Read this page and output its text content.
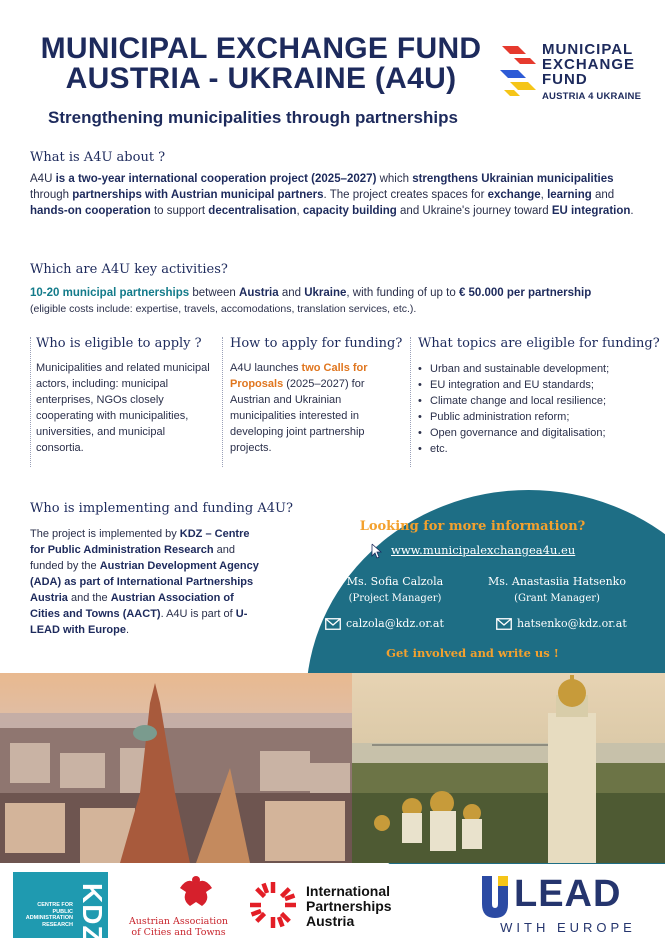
MUNICIPAL EXCHANGE FUND
AUSTRIA - UKRAINE (A4U)
MUNICIPAL
EXCHANGE
FUND
AUSTRIA 4 UKRAINE
Strengthening municipalities through partnerships
What is A4U about ?
A4U is a two-year international cooperation project (2025–2027) which strengthens Ukrainian municipalities through partnerships with Austrian municipal partners. The project creates spaces for exchange, learning and hands-on cooperation to support decentralisation, capacity building and Ukraine's journey toward EU integration.
Which are A4U key activities?
10-20 municipal partnerships between Austria and Ukraine, with funding of up to € 50.000 per partnership
(eligible costs include: expertise, travels, accomodations, translation services, etc.).
Who is eligible to apply ?
Municipalities and related municipal actors, including: municipal enterprises, NGOs closely cooperating with municipalities, universities, and municipal consortia.
How to apply for funding?
A4U launches two Calls for Proposals (2025–2027) for Austrian and Ukrainian municipalities interested in developing joint partnership projects.
What topics are eligible for funding?
• Urban and sustainable development;
• EU integration and EU standards;
• Climate change and local resilience;
• Public administration reform;
• Open governance and digitalisation;
• etc.
Who is implementing and funding A4U?
The project is implemented by KDZ – Centre for Public Administration Research and funded by the Austrian Development Agency (ADA) as part of International Partnerships Austria and the Austrian Association of Cities and Towns (AACT). A4U is part of U-LEAD with Europe.
Looking for more information?
www.municipalexchangea4u.eu
Ms. Sofia Calzola
(Project Manager)
calzola@kdz.or.at
Ms. Anastasiia Hatsenko
(Grant Manager)
hatsenko@kdz.or.at
Get involved and write us !
CENTRE FOR
PUBLIC
ADMINISTRATION
RESEARCH KDZ	Austrian Association
of Cities and Towns
International
Partnerships
Austria
LEAD
WITH EUROPE
